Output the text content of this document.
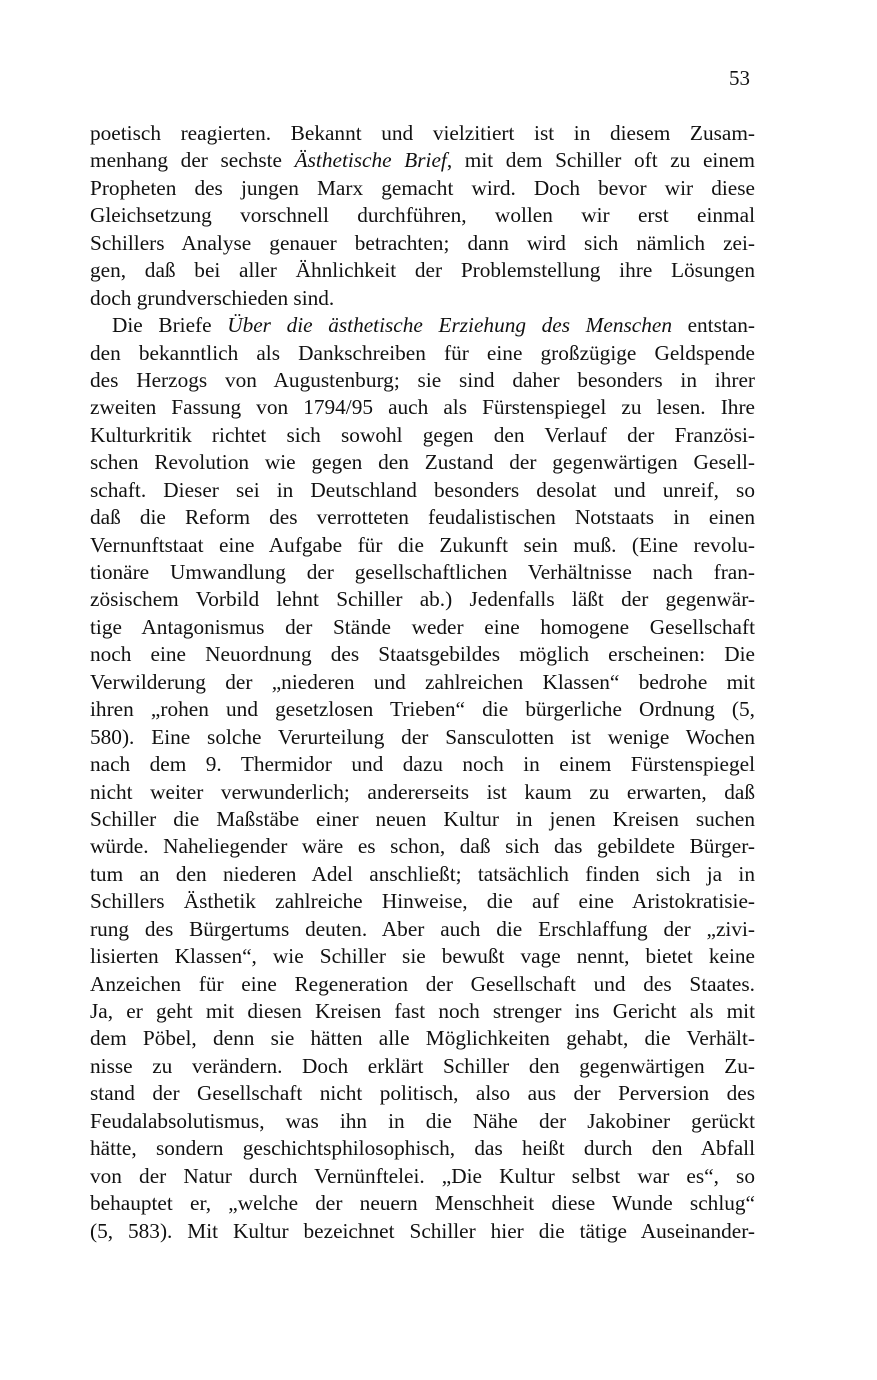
53
poetisch reagierten. Bekannt und vielzitiert ist in diesem Zusam-
menhang der sechste Ästhetische Brief, mit dem Schiller oft zu einem
Propheten des jungen Marx gemacht wird. Doch bevor wir diese
Gleichsetzung vorschnell durchführen, wollen wir erst einmal
Schillers Analyse genauer betrachten; dann wird sich nämlich zei-
gen, daß bei aller Ähnlichkeit der Problemstellung ihre Lösungen
doch grundverschieden sind.
Die Briefe Über die ästhetische Erziehung des Menschen entstan-
den bekanntlich als Dankschreiben für eine großzügige Geldspende
des Herzogs von Augustenburg; sie sind daher besonders in ihrer
zweiten Fassung von 1794/95 auch als Fürstenspiegel zu lesen. Ihre
Kulturkritik richtet sich sowohl gegen den Verlauf der Französi-
schen Revolution wie gegen den Zustand der gegenwärtigen Gesell-
schaft. Dieser sei in Deutschland besonders desolat und unreif, so
daß die Reform des verrotteten feudalistischen Notstaats in einen
Vernunftstaat eine Aufgabe für die Zukunft sein muß. (Eine revolu-
tionäre Umwandlung der gesellschaftlichen Verhältnisse nach fran-
zösischem Vorbild lehnt Schiller ab.) Jedenfalls läßt der gegenwär-
tige Antagonismus der Stände weder eine homogene Gesellschaft
noch eine Neuordnung des Staatsgebildes möglich erscheinen: Die
Verwilderung der „niederen und zahlreichen Klassen“ bedrohe mit
ihren „rohen und gesetzlosen Trieben“ die bürgerliche Ordnung (5,
580). Eine solche Verurteilung der Sansculotten ist wenige Wochen
nach dem 9. Thermidor und dazu noch in einem Fürstenspiegel
nicht weiter verwunderlich; andererseits ist kaum zu erwarten, daß
Schiller die Maßstäbe einer neuen Kultur in jenen Kreisen suchen
würde. Naheliegender wäre es schon, daß sich das gebildete Bürger-
tum an den niederen Adel anschließt; tatsächlich finden sich ja in
Schillers Ästhetik zahlreiche Hinweise, die auf eine Aristokratisie-
rung des Bürgertums deuten. Aber auch die Erschlaffung der „zivi-
lisierten Klassen“, wie Schiller sie bewußt vage nennt, bietet keine
Anzeichen für eine Regeneration der Gesellschaft und des Staates.
Ja, er geht mit diesen Kreisen fast noch strenger ins Gericht als mit
dem Pöbel, denn sie hätten alle Möglichkeiten gehabt, die Verhält-
nisse zu verändern. Doch erklärt Schiller den gegenwärtigen Zu-
stand der Gesellschaft nicht politisch, also aus der Perversion des
Feudalabsolutismus, was ihn in die Nähe der Jakobiner gerückt
hätte, sondern geschichtsphilosophisch, das heißt durch den Abfall
von der Natur durch Vernünftelei. „Die Kultur selbst war es“, so
behauptet er, „welche der neuern Menschheit diese Wunde schlug“
(5, 583). Mit Kultur bezeichnet Schiller hier die tätige Auseinander-
